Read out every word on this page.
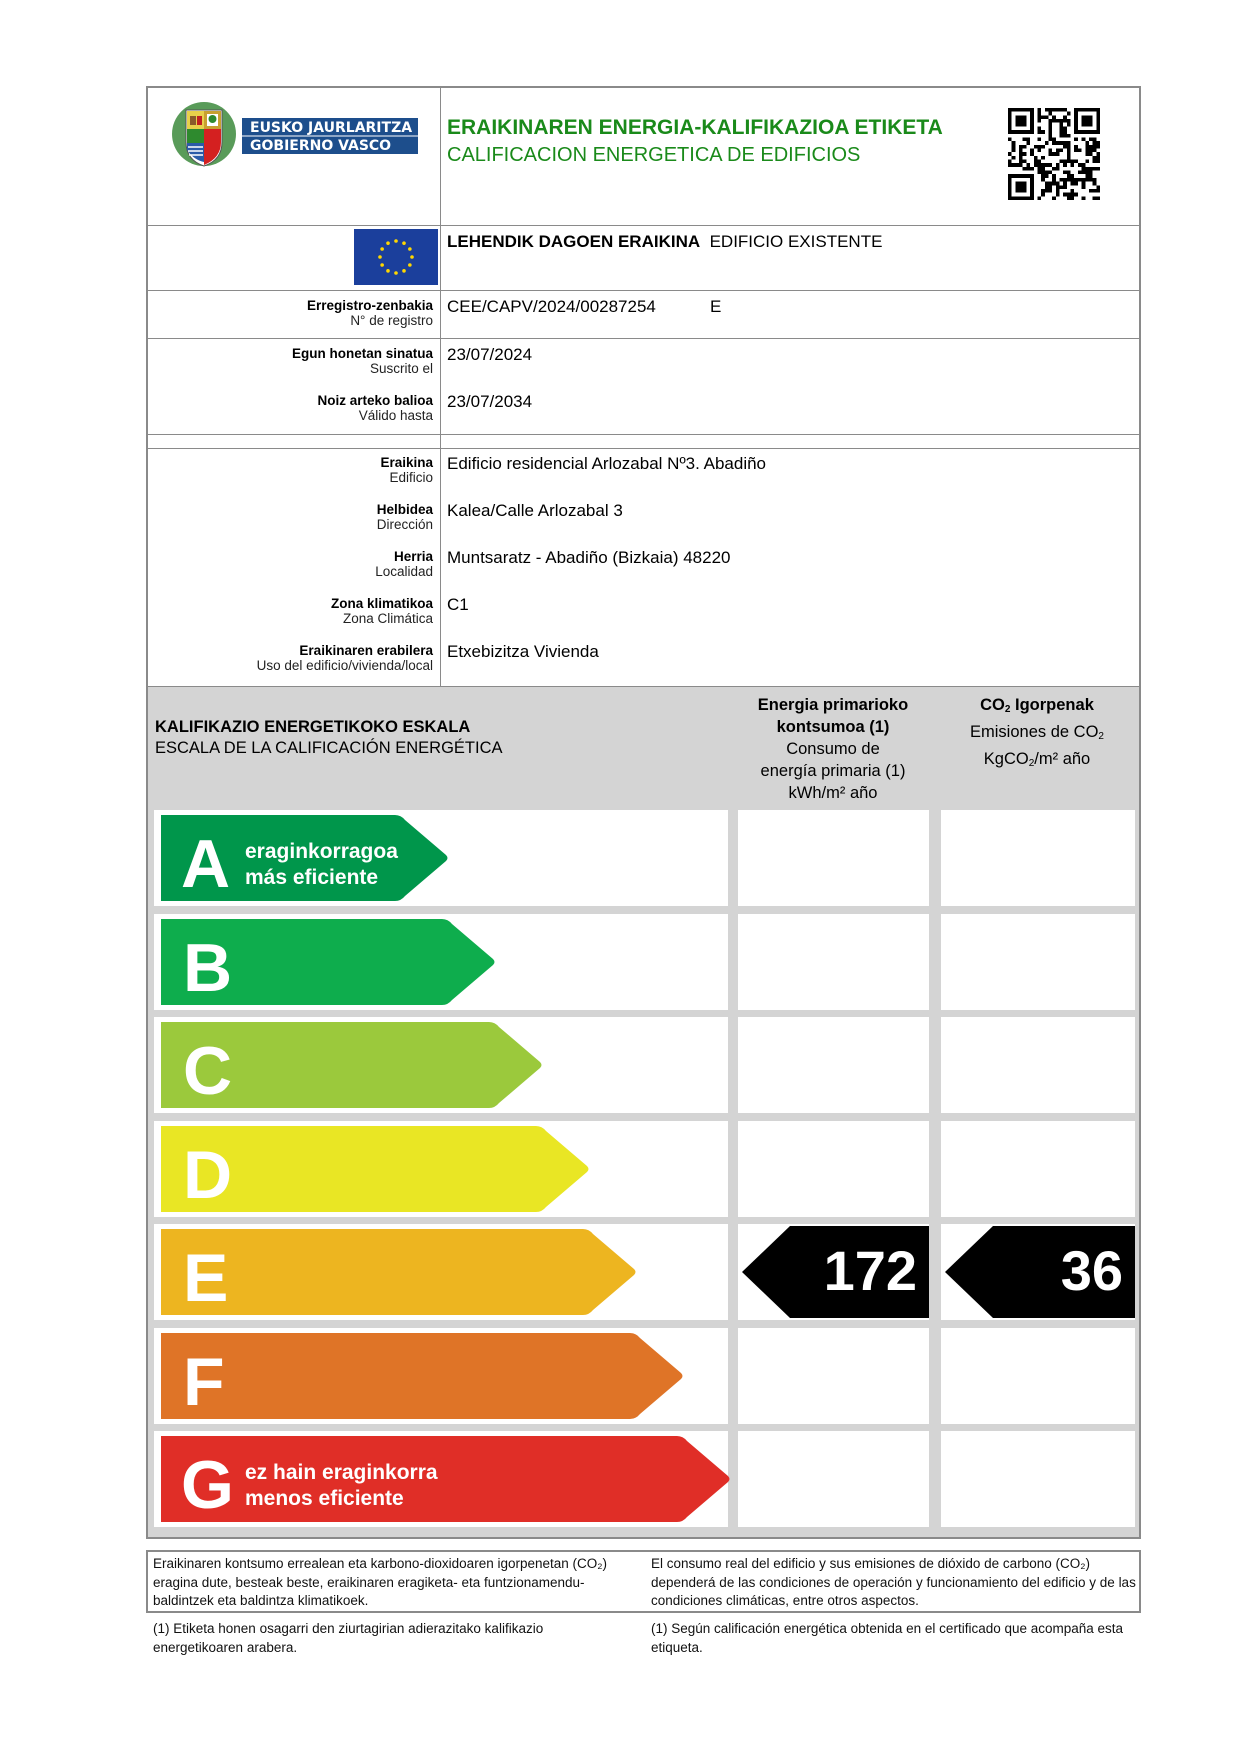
EUSKO JAURLARITZA
GOBIERNO VASCO
ERAIKINAREN ENERGIA-KALIFIKAZIOA ETIKETA
CALIFICACION ENERGETICA DE EDIFICIOS
LEHENDIK DAGOEN ERAIKINA EDIFICIO EXISTENTE
Erregistro-zenbakia
N° de registro
CEE/CAPV/2024/00287254	E
Egun honetan sinatua
Suscrito el
23/07/2024
Noiz arteko balioa
Válido hasta
23/07/2034
Eraikina
Edificio
Edificio residencial Arlozabal Nº3. Abadiño
Helbidea
Dirección
Kalea/Calle Arlozabal 3
Herria
Localidad
Muntsaratz - Abadiño (Bizkaia) 48220
Zona klimatikoa
Zona Climática
C1
Eraikinaren erabilera
Uso del edificio/vivienda/local
Etxebizitza Vivienda
KALIFIKAZIO ENERGETIKOKO ESKALA
ESCALA DE LA CALIFICACIÓN ENERGÉTICA
Energia primarioko
kontsumoa (1)
Consumo de
energía primaria (1)
kWh/m² año
$CO_2$ Igorpenak
Emisiones de $CO_2$
KgCO$_2$/m² año
A eraginkorragoa
más eficiente
B
C
D
E	172	36
F
G ez hain eraginkorra
menos eficiente
Eraikinaren kontsumo errealean eta karbono-dioxidoaren igorpenetan (CO₂) eragina dute, besteak beste, eraikinaren eragiketa- eta funtzionamendu-baldintzek eta baldintza klimatikoek.
El consumo real del edificio y sus emisiones de dióxido de carbono (CO₂) dependerá de las condiciones de operación y funcionamiento del edificio y de las condiciones climáticas, entre otros aspectos.
(1) Etiketa honen osagarri den ziurtagirian adierazitako kalifikazio energetikoaren arabera.
(1) Según calificación energética obtenida en el certificado que acompaña esta etiqueta.
